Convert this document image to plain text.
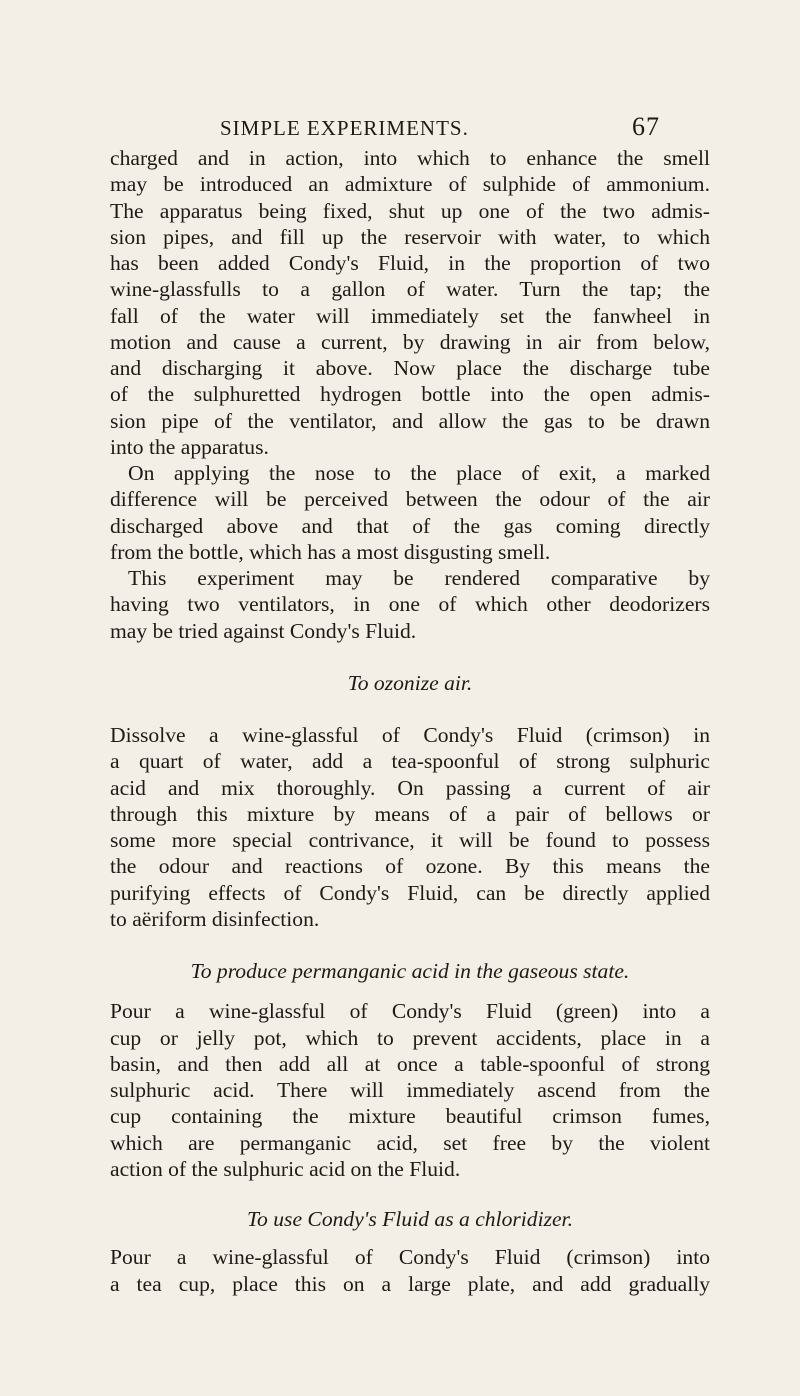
SIMPLE EXPERIMENTS.	67
charged and in action, into which to enhance the smell
may be introduced an admixture of sulphide of ammonium.
The apparatus being fixed, shut up one of the two admis-
sion pipes, and fill up the reservoir with water, to which
has been added Condy's Fluid, in the proportion of two
wine-glassfulls to a gallon of water. Turn the tap; the
fall of the water will immediately set the fanwheel in
motion and cause a current, by drawing in air from below,
and discharging it above. Now place the discharge tube
of the sulphuretted hydrogen bottle into the open admis-
sion pipe of the ventilator, and allow the gas to be drawn
into the apparatus.
On applying the nose to the place of exit, a marked
difference will be perceived between the odour of the air
discharged above and that of the gas coming directly
from the bottle, which has a most disgusting smell.
This experiment may be rendered comparative by
having two ventilators, in one of which other deodorizers
may be tried against Condy's Fluid.
To ozonize air.
Dissolve a wine-glassful of Condy's Fluid (crimson) in
a quart of water, add a tea-spoonful of strong sulphuric
acid and mix thoroughly. On passing a current of air
through this mixture by means of a pair of bellows or
some more special contrivance, it will be found to possess
the odour and reactions of ozone. By this means the
purifying effects of Condy's Fluid, can be directly applied
to aëriform disinfection.
To produce permanganic acid in the gaseous state.
Pour a wine-glassful of Condy's Fluid (green) into a
cup or jelly pot, which to prevent accidents, place in a
basin, and then add all at once a table-spoonful of strong
sulphuric acid. There will immediately ascend from the
cup containing the mixture beautiful crimson fumes,
which are permanganic acid, set free by the violent
action of the sulphuric acid on the Fluid.
To use Condy's Fluid as a chloridizer.
Pour a wine-glassful of Condy's Fluid (crimson) into
a tea cup, place this on a large plate, and add gradually
